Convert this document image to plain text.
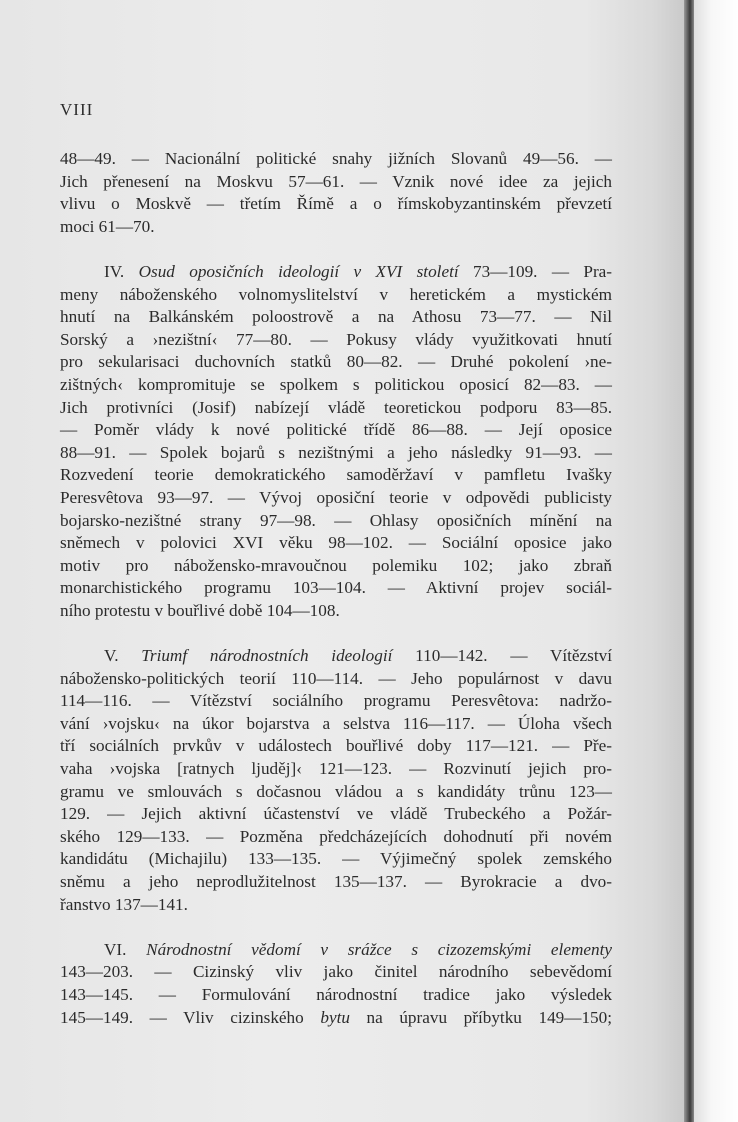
VIII
48—49. — Nacionální politické snahy jižních Slovanů 49—56. —
Jich přenesení na Moskvu 57—61. — Vznik nové idee za jejich
vlivu o Moskvě — třetím Římě a o římskobyzantinském převzetí
moci 61—70.
IV. Osud oposičních ideologií v XVI století 73—109. — Pra-
meny náboženského volnomyslitelství v heretickém a mystickém
hnutí na Balkánském poloostrově a na Athosu 73—77. — Nil
Sorský a ›nezištní‹ 77—80. — Pokusy vlády využitkovati hnutí
pro sekularisaci duchovních statků 80—82. — Druhé pokolení ›ne-
zištných‹ kompromituje se spolkem s politickou oposicí 82—83. —
Jich protivníci (Josif) nabízejí vládě teoretickou podporu 83—85.
— Poměr vlády k nové politické třídě 86—88. — Její oposice
88—91. — Spolek bojarů s nezištnými a jeho následky 91—93. —
Rozvedení teorie demokratického samoděržaví v pamfletu Ivašky
Peresvêtova 93—97. — Vývoj oposiční teorie v odpovědi publicisty
bojarsko-nezištné strany 97—98. — Ohlasy oposičních mínění na
sněmech v polovici XVI věku 98—102. — Sociální oposice jako
motiv pro nábožensko-mravoučnou polemiku 102; jako zbraň
monarchistického programu 103—104. — Aktivní projev sociál-
ního protestu v bouřlivé době 104—108.
V. Triumf národnostních ideologií 110—142. — Vítězství
nábožensko-politických teorií 110—114. — Jeho populárnost v davu
114—116. — Vítězství sociálního programu Peresvêtova: nadržo-
vání ›vojsku‹ na úkor bojarstva a selstva 116—117. — Úloha všech
tří sociálních prvkův v událostech bouřlivé doby 117—121. — Pře-
vaha ›vojska [ratnych ljuděj]‹ 121—123. — Rozvinutí jejich pro-
gramu ve smlouvách s dočasnou vládou a s kandidáty trůnu 123—
129. — Jejich aktivní účastenství ve vládě Trubeckého a Požár-
ského 129—133. — Pozměna předcházejících dohodnutí při novém
kandidátu (Michajilu) 133—135. — Výjimečný spolek zemského
sněmu a jeho neprodlužitelnost 135—137. — Byrokracie a dvo-
řanstvo 137—141.
VI. Národnostní vědomí v srážce s cizozemskými elementy
143—203. — Cizinský vliv jako činitel národního sebevědomí
143—145. — Formulování národnostní tradice jako výsledek
145—149. — Vliv cizinského bytu na úpravu příbytku 149—150;
